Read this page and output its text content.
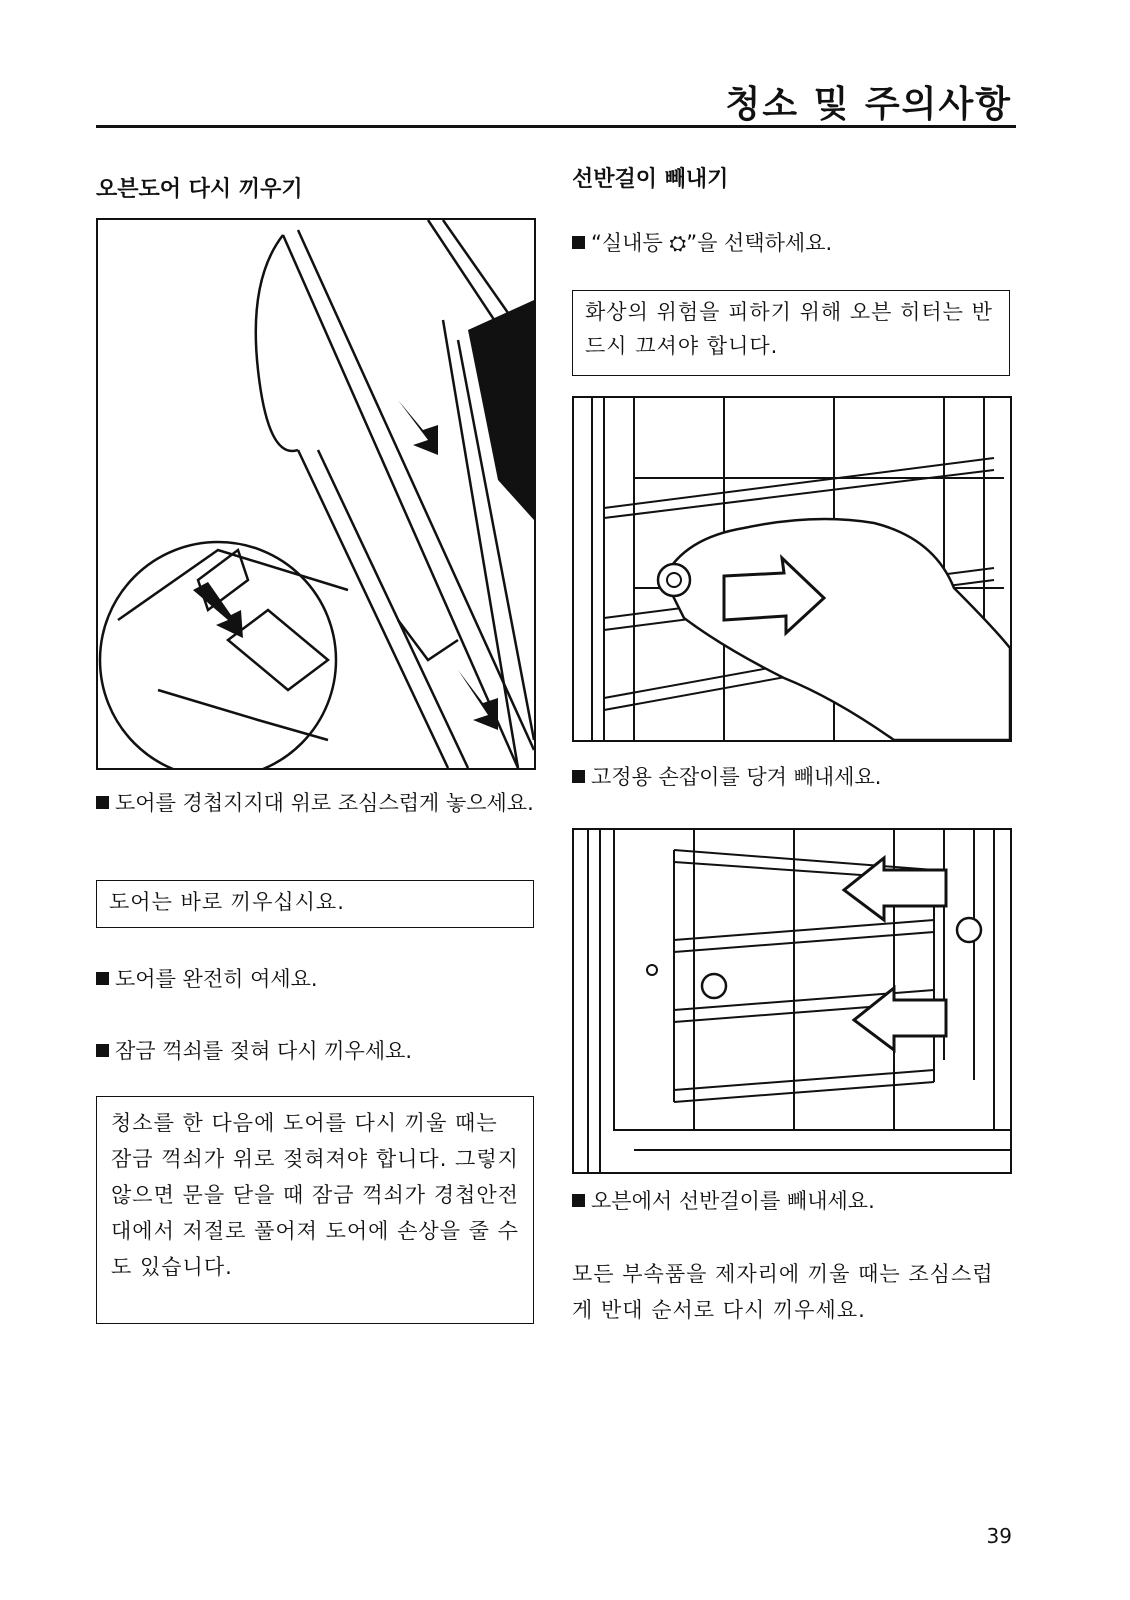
청소 및 주의사항
오븐도어 다시 끼우기
도어를 경첩지지대 위로 조심스럽게 놓으세요.
도어는 바로 끼우십시요.
도어를 완전히 여세요.
잠금 꺽쇠를 젖혀 다시 끼우세요.
청소를 한 다음에 도어를 다시 끼울 때는 잠금 꺽쇠가 위로 젖혀져야 합니다. 그렇지 않으면 문을 닫을 때 잠금 꺽쇠가 경첩안전대에서 저절로 풀어져 도어에 손상을 줄 수 도 있습니다.
선반걸이 빼내기
“실내등 ⛭”을 선택하세요.
화상의 위험을 피하기 위해 오븐 히터는 반드시 끄셔야 합니다.
고정용 손잡이를 당겨 빼내세요.
오븐에서 선반걸이를 빼내세요.
모든 부속품을 제자리에 끼울 때는 조심스럽게 반대 순서로 다시 끼우세요.
39
